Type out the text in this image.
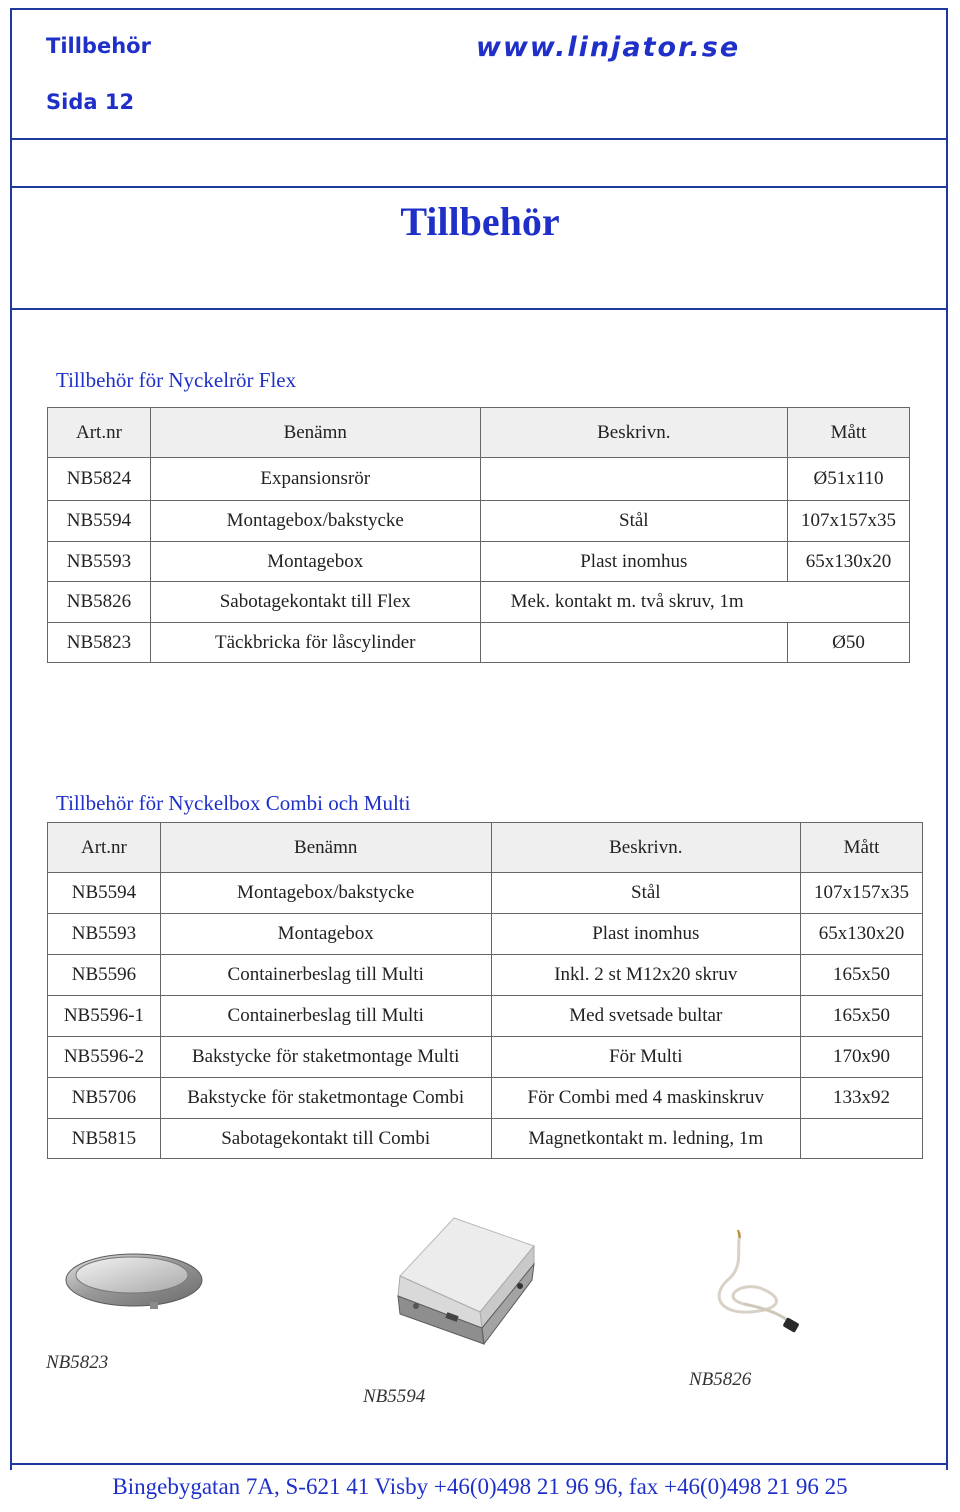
Tillbehör
Sida 12
www.linjator.se
Tillbehör
Tillbehör för Nyckelrör Flex
Art.nr	Benämn	Beskrivn.	Mått
NB5824	Expansionsrör		Ø51x110
NB5594	Montagebox/bakstycke	Stål	107x157x35
NB5593	Montagebox	Plast inomhus	65x130x20
NB5826	Sabotagekontakt till Flex	Mek. kontakt m. två skruv, 1m	
NB5823	Täckbricka för låscylinder		Ø50
Tillbehör för Nyckelbox Combi och Multi
Art.nr	Benämn	Beskrivn.	Mått
NB5594	Montagebox/bakstycke	Stål	107x157x35
NB5593	Montagebox	Plast inomhus	65x130x20
NB5596	Containerbeslag till Multi	Inkl. 2 st M12x20 skruv	165x50
NB5596-1	Containerbeslag till Multi	Med svetsade bultar	165x50
NB5596-2	Bakstycke för staketmontage Multi	För Multi	170x90
NB5706	Bakstycke för staketmontage Combi	För Combi med 4 maskinskruv	133x92
NB5815	Sabotagekontakt till Combi	Magnetkontakt m. ledning, 1m	
NB5823
NB5594
NB5826
Bingebygatan 7A, S-621 41 Visby +46(0)498 21 96 96, fax +46(0)498 21 96 25
